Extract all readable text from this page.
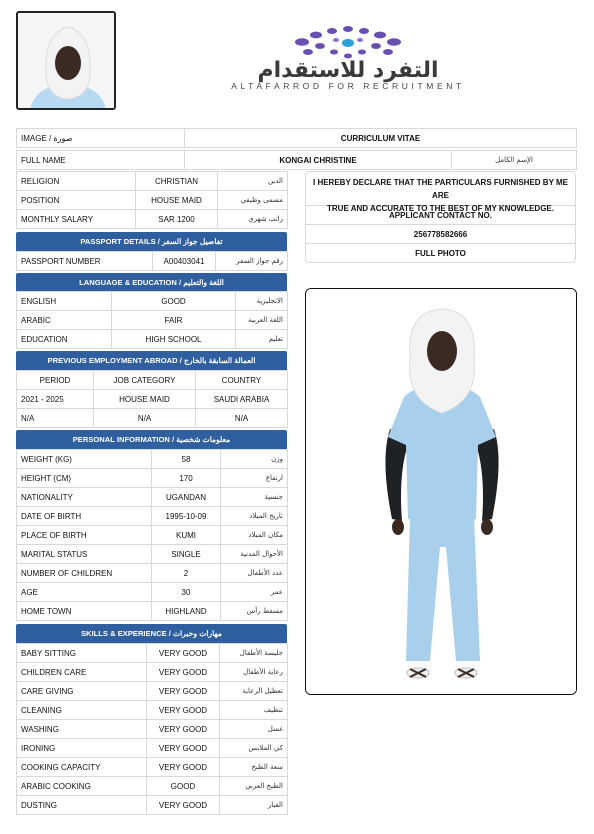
التفرد للاستقدام
ALTAFARROD FOR RECRUITMENT
IMAGE / صورة	CURRICULUM VITAE
FULL NAME	KONGAI CHRISTINE	الإسم الكامل
RELIGION	CHRISTIAN	الدين
POSITION	HOUSE MAID	مسمى وظيفي
MONTHLY SALARY	SAR 1200	راتب شهري
I HEREBY DECLARE THAT THE PARTICULARS FURNISHED BY ME ARE
TRUE AND ACCURATE TO THE BEST OF MY KNOWLEDGE.
APPLICANT CONTACT NO.
256778582666
FULL PHOTO
PASSPORT DETAILS / تفاصيل جواز السفر
PASSPORT NUMBER	A00403041	رقم جواز السفر
LANGUAGE & EDUCATION / اللغة والتعليم
ENGLISH	GOOD	الانجليزية
ARABIC	FAIR	اللغة العربية
EDUCATION	HIGH SCHOOL	تعليم
PREVIOUS EMPLOYMENT ABROAD / العمالة السابقة بالخارج
PERIOD	JOB CATEGORY	COUNTRY
2021 - 2025	HOUSE MAID	SAUDI ARABIA
N/A	N/A	N/A
PERSONAL INFORMATION / معلومات شخصية
WEIGHT (KG)	58	وزن
HEIGHT (CM)	170	ارتفاع
NATIONALITY	UGANDAN	جنسية
DATE OF BIRTH	1995-10-09	تاريخ الميلاد
PLACE OF BIRTH	KUMI	مكان الميلاد
MARITAL STATUS	SINGLE	الأحوال المدنية
NUMBER OF CHILDREN	2	عدد الأطفال
AGE	30	عمر
HOME TOWN	HIGHLAND	مسقط رأس
SKILLS & EXPERIENCE / مهارات وخبرات
BABY SITTING	VERY GOOD	جليسة الأطفال
CHILDREN CARE	VERY GOOD	رعاية الأطفال
CARE GIVING	VERY GOOD	تعطيل الرعاية
CLEANING	VERY GOOD	تنظيف
WASHING	VERY GOOD	غسل
IRONING	VERY GOOD	كي الملابس
COOKING CAPACITY	VERY GOOD	سعة الطبخ
ARABIC COOKING	GOOD	الطبخ العربي
DUSTING	VERY GOOD	الغبار
